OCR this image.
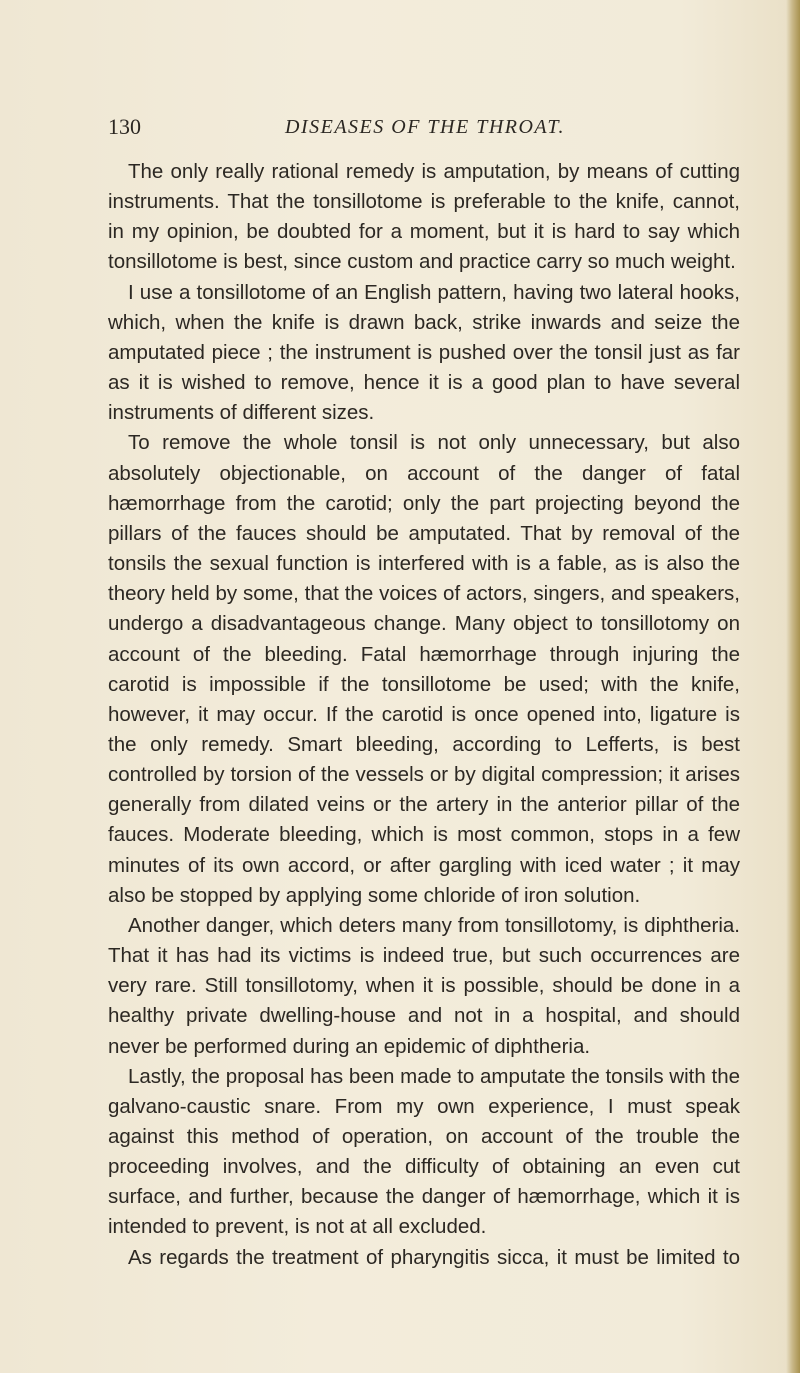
130	DISEASES OF THE THROAT.

The only really rational remedy is amputation, by means of cutting instruments. That the tonsillotome is preferable to the knife, cannot, in my opinion, be doubted for a moment, but it is hard to say which tonsillotome is best, since custom and practice carry so much weight.

I use a tonsillotome of an English pattern, having two lateral hooks, which, when the knife is drawn back, strike inwards and seize the amputated piece ; the instrument is pushed over the tonsil just as far as it is wished to remove, hence it is a good plan to have several instruments of different sizes.

To remove the whole tonsil is not only unnecessary, but also absolutely objectionable, on account of the danger of fatal hæmorrhage from the carotid; only the part projecting beyond the pillars of the fauces should be amputated. That by removal of the tonsils the sexual function is interfered with is a fable, as is also the theory held by some, that the voices of actors, singers, and speakers, undergo a disadvantageous change. Many object to tonsillotomy on account of the bleeding. Fatal hæmorrhage through injuring the carotid is impossible if the tonsillotome be used; with the knife, however, it may occur. If the carotid is once opened into, ligature is the only remedy. Smart bleeding, according to Lefferts, is best controlled by torsion of the vessels or by digital compression; it arises generally from dilated veins or the artery in the anterior pillar of the fauces. Moderate bleeding, which is most common, stops in a few minutes of its own accord, or after gargling with iced water ; it may also be stopped by applying some chloride of iron solution.

Another danger, which deters many from tonsillotomy, is diphtheria. That it has had its victims is indeed true, but such occurrences are very rare. Still tonsillotomy, when it is possible, should be done in a healthy private dwelling-house and not in a hospital, and should never be performed during an epidemic of diphtheria.

Lastly, the proposal has been made to amputate the tonsils with the galvano-caustic snare. From my own experience, I must speak against this method of operation, on account of the trouble the proceeding involves, and the difficulty of obtaining an even cut surface, and further, because the danger of hæmorrhage, which it is intended to prevent, is not at all excluded.

As regards the treatment of pharyngitis sicca, it must be limited to
